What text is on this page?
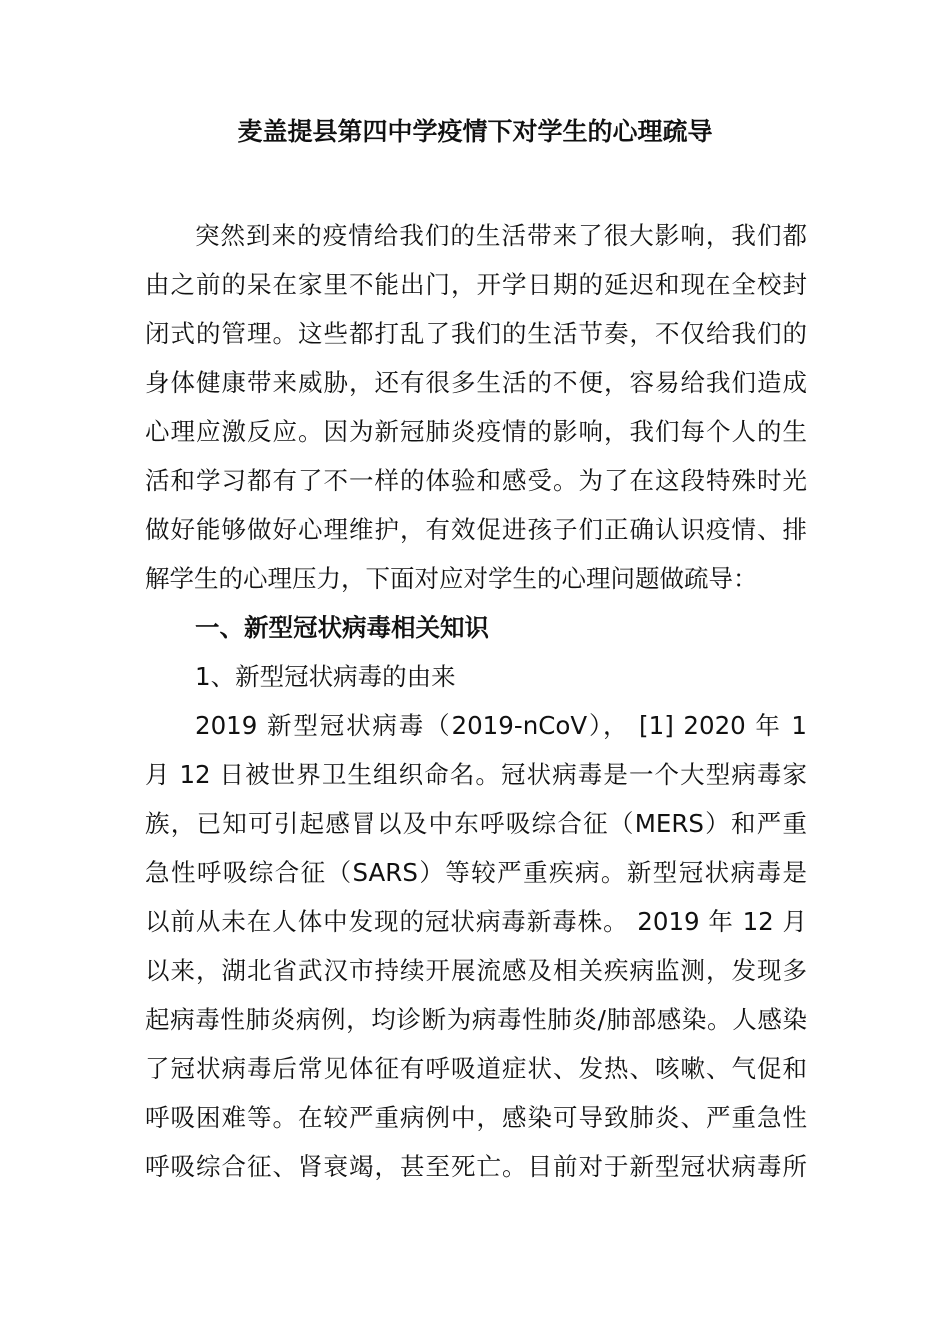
麦盖提县第四中学疫情下对学生的心理疏导
突然到来的疫情给我们的生活带来了很大影响，我们都
由之前的呆在家里不能出门，开学日期的延迟和现在全校封
闭式的管理。这些都打乱了我们的生活节奏，不仅给我们的
身体健康带来威胁，还有很多生活的不便，容易给我们造成
心理应激反应。因为新冠肺炎疫情的影响，我们每个人的生
活和学习都有了不一样的体验和感受。为了在这段特殊时光
做好能够做好心理维护，有效促进孩子们正确认识疫情、排
解学生的心理压力，下面对应对学生的心理问题做疏导：
一、新型冠状病毒相关知识
1、新型冠状病毒的由来
2019 新型冠状病毒（2019-nCoV）， [1] 2020 年 1
月 12 日被世界卫生组织命名。冠状病毒是一个大型病毒家
族，已知可引起感冒以及中东呼吸综合征（MERS）和严重
急性呼吸综合征（SARS）等较严重疾病。新型冠状病毒是
以前从未在人体中发现的冠状病毒新毒株。 2019 年 12 月
以来，湖北省武汉市持续开展流感及相关疾病监测，发现多
起病毒性肺炎病例，均诊断为病毒性肺炎/肺部感染。人感染
了冠状病毒后常见体征有呼吸道症状、发热、咳嗽、气促和
呼吸困难等。在较严重病例中，感染可导致肺炎、严重急性
呼吸综合征、肾衰竭，甚至死亡。目前对于新型冠状病毒所
